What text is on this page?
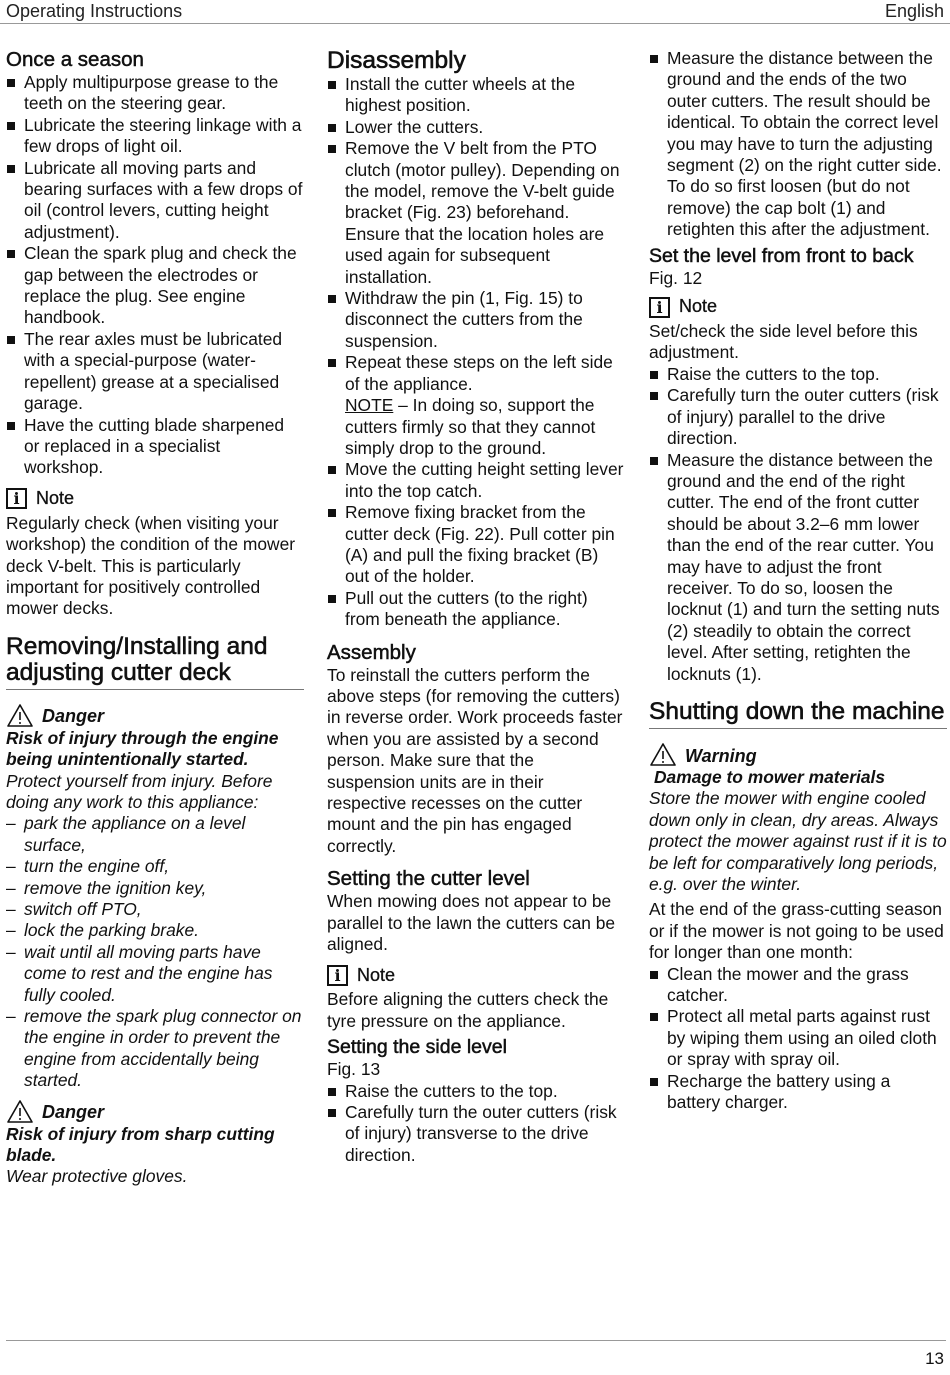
Operating Instructions	English
Once a season
Apply multipurpose grease to the teeth on the steering gear.
Lubricate the steering linkage with a few drops of light oil.
Lubricate all moving parts and bearing surfaces with a few drops of oil (control levers, cutting height adjustment).
Clean the spark plug and check the gap between the electrodes or replace the plug. See engine handbook.
The rear axles must be lubricated with a special-purpose (water-repellent) grease at a specialised garage.
Have the cutting blade sharpened or replaced in a specialist workshop.
i Note

Regularly check (when visiting your workshop) the condition of the mower deck V-belt. This is particularly important for positively controlled mower decks.

Removing/Installing and adjusting cutter deck
Danger

Risk of injury through the engine being unintentionally started.

Protect yourself from injury. Before doing any work to this appliance:

– park the appliance on a level surface,
– turn the engine off,
– remove the ignition key,
– switch off PTO,
– lock the parking brake.
– wait until all moving parts have come to rest and the engine has fully cooled.
– remove the spark plug connector on the engine in order to prevent the engine from accidentally being started.
Danger

Risk of injury from sharp cutting blade.

Wear protective gloves.

Disassembly
Install the cutter wheels at the highest position.
Lower the cutters.
Remove the V belt from the PTO clutch (motor pulley). Depending on the model, remove the V-belt guide bracket (Fig. 23) beforehand. Ensure that the location holes are used again for subsequent installation.
Withdraw the pin (1, Fig. 15) to disconnect the cutters from the suspension.
Repeat these steps on the left side of the appliance.
NOTE – In doing so, support the cutters firmly so that they cannot simply drop to the ground.
Move the cutting height setting lever into the top catch.
Remove fixing bracket from the cutter deck (Fig. 22). Pull cotter pin (A) and pull the fixing bracket (B) out of the holder.
Pull out the cutters (to the right) from beneath the appliance.
Assembly

To reinstall the cutters perform the above steps (for removing the cutters) in reverse order. Work proceeds faster when you are assisted by a second person. Make sure that the suspension units are in their respective recesses on the cutter mount and the pin has engaged correctly.

Setting the cutter level

When mowing does not appear to be parallel to the lawn the cutters can be aligned.

i Note

Before aligning the cutters check the tyre pressure on the appliance.

Setting the side level

Fig. 13

Raise the cutters to the top.
Carefully turn the outer cutters (risk of injury) transverse to the drive direction.
Measure the distance between the ground and the ends of the two outer cutters. The result should be identical. To obtain the correct level you may have to turn the adjusting segment (2) on the right cutter side. To do so first loosen (but do not remove) the cap bolt (1) and retighten this after the adjustment.
Set the level from front to back

Fig. 12

i Note

Set/check the side level before this adjustment.

Raise the cutters to the top.
Carefully turn the outer cutters (risk of injury) parallel to the drive direction.
Measure the distance between the ground and the end of the right cutter. The end of the front cutter should be about 3.2–6 mm lower than the end of the rear cutter. You may have to adjust the front receiver. To do so, loosen the locknut (1) and turn the setting nuts (2) steadily to obtain the correct level. After setting, retighten the locknuts (1).
Shutting down the machine
Warning

Damage to mower materials

Store the mower with engine cooled down only in clean, dry areas. Always protect the mower against rust if it is to be left for comparatively long periods, e.g. over the winter.

At the end of the grass-cutting season or if the mower is not going to be used for longer than one month:

Clean the mower and the grass catcher.
Protect all metal parts against rust by wiping them using an oiled cloth or spray with spray oil.
Recharge the battery using a battery charger.
13
